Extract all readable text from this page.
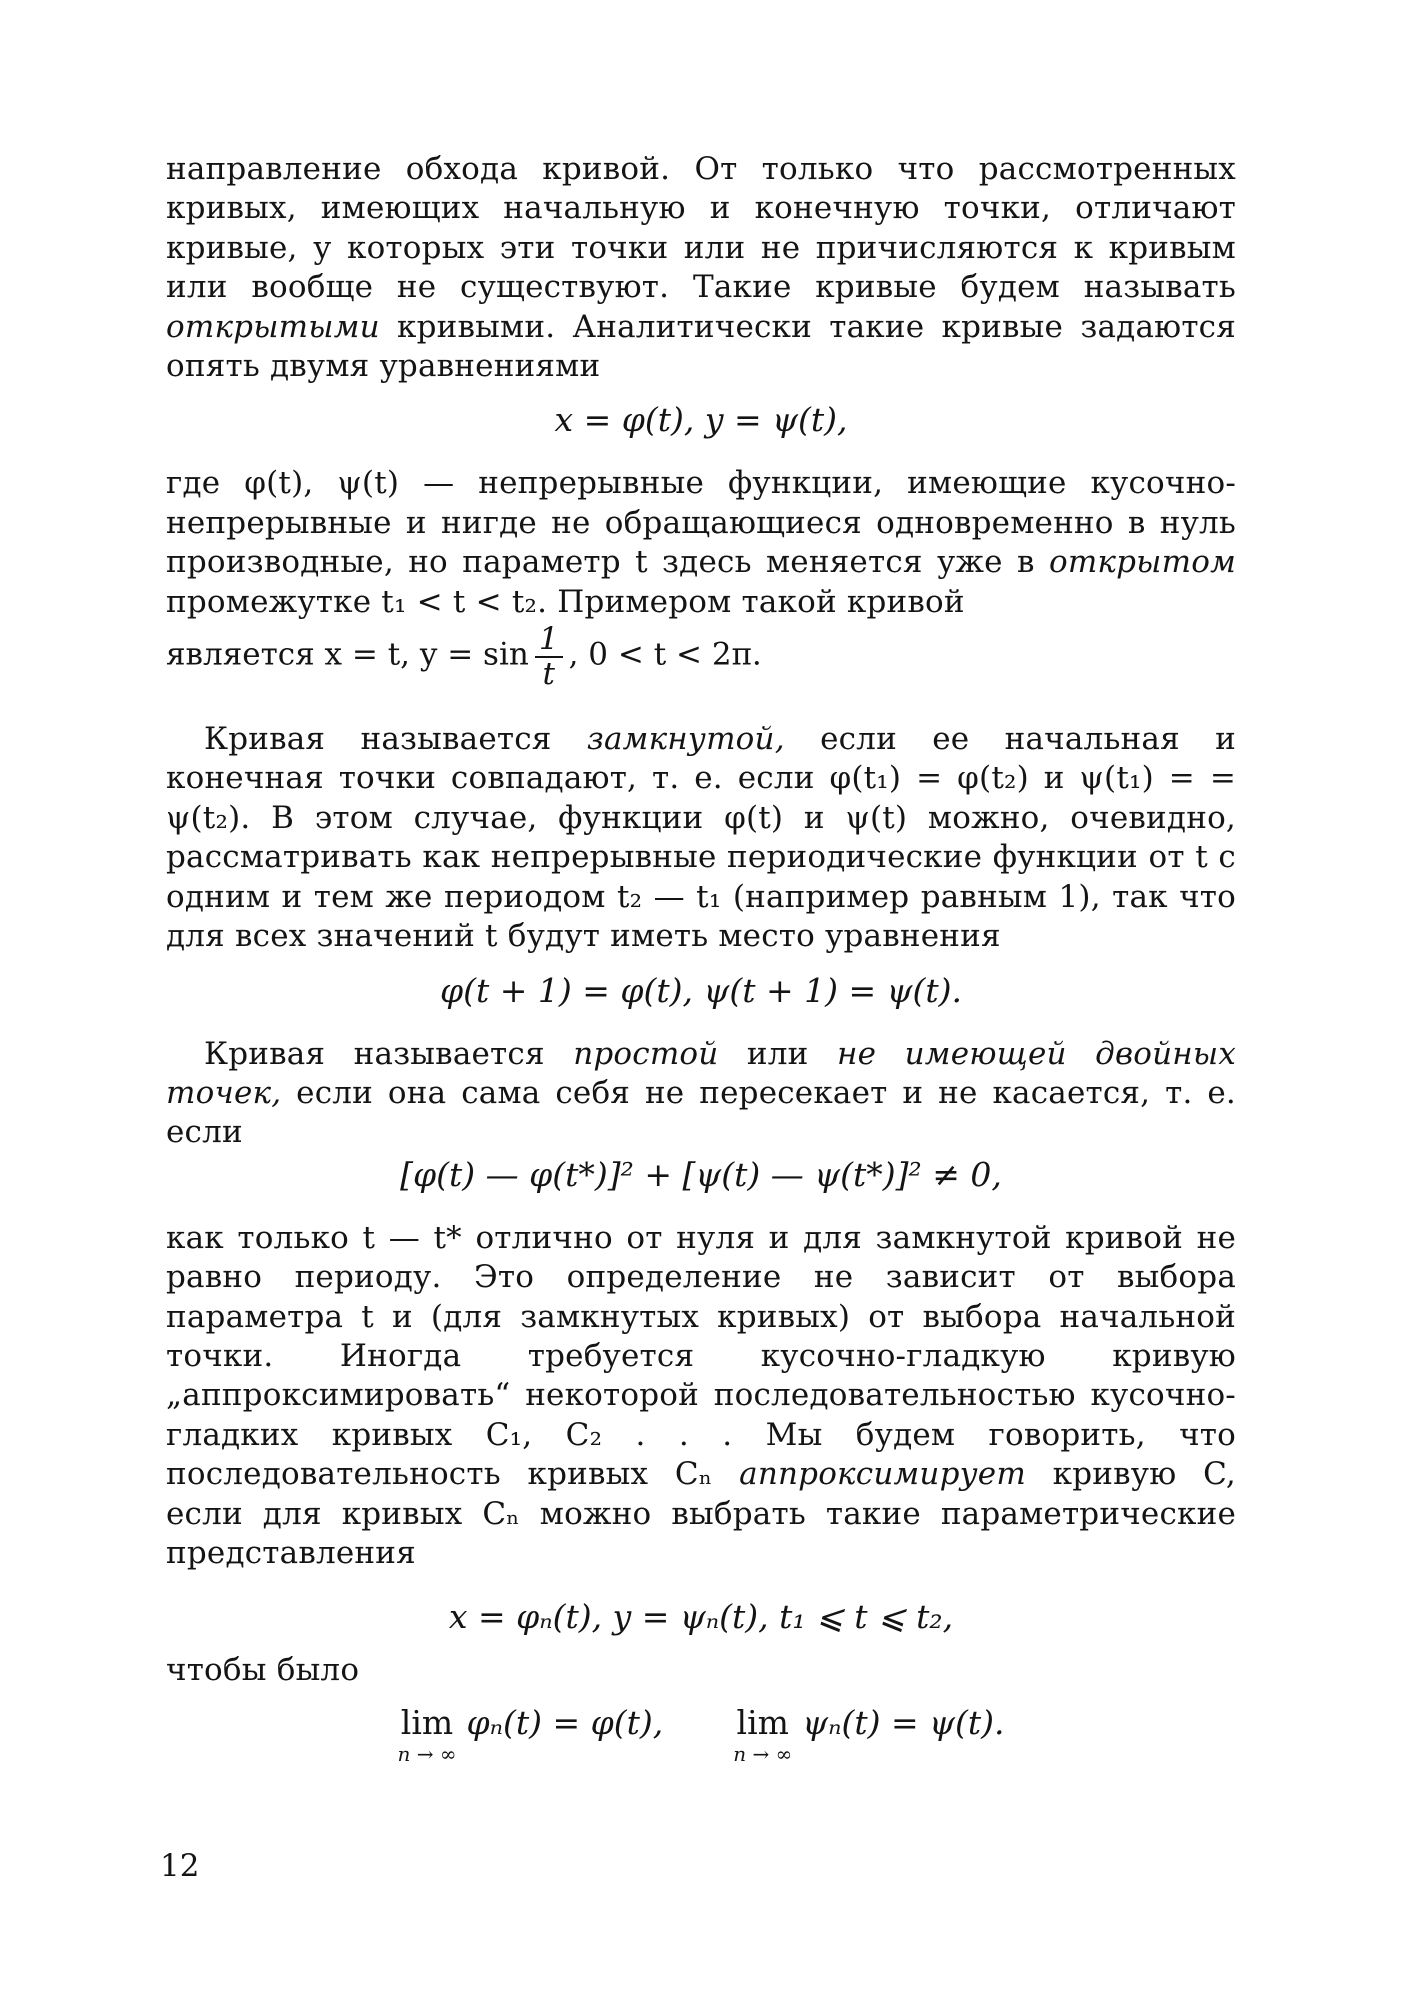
направление обхода кривой. От только что рассмотренных кривых, имеющих начальную и конечную точки, отличают кривые, у которых эти точки или не причисляются к кривым или вообще не существуют. Такие кривые будем называть открытыми кривыми. Аналитически такие кривые задаются опять двумя уравнениями

x = φ(t), y = ψ(t),

где φ(t), ψ(t) — непрерывные функции, имеющие кусочно-непрерывные и нигде не обращающиеся одновременно в нуль производные, но параметр t здесь меняется уже в открытом промежутке t₁ < t < t₂. Примером такой кривой

является x = t, $y = \sin \frac{1}{t}$ , 0 < t < 2π.

Кривая называется замкнутой, если ее начальная и конечная точки совпадают, т. е. если φ(t₁) = φ(t₂) и ψ(t₁) = = ψ(t₂). В этом случае, функции φ(t) и ψ(t) можно, очевидно, рассматривать как непрерывные периодические функции от t с одним и тем же периодом t₂ — t₁ (например равным 1), так что для всех значений t будут иметь место уравнения

φ(t + 1) = φ(t), ψ(t + 1) = ψ(t).

Кривая называется простой или не имеющей двойных точек, если она сама себя не пересекает и не касается, т. е. если

[φ(t) — φ(t*)]² + [ψ(t) — ψ(t*)]² ≠ 0,

как только t — t* отлично от нуля и для замкнутой кривой не равно периоду. Это определение не зависит от выбора параметра t и (для замкнутых кривых) от выбора начальной точки. Иногда требуется кусочно-гладкую кривую „аппроксимировать“ некоторой последовательностью кусочно-гладких кривых C₁, C₂ . . . Мы будем говорить, что последовательность кривых Cₙ аппроксимирует кривую C, если для кривых Cₙ можно выбрать такие параметрические представления

x = φₙ(t), y = ψₙ(t), t₁ ⩽ t ⩽ t₂,

чтобы было

lim
n → ∞
φₙ(t) = φ(t), lim
n → ∞
ψₙ(t) = ψ(t).
12
